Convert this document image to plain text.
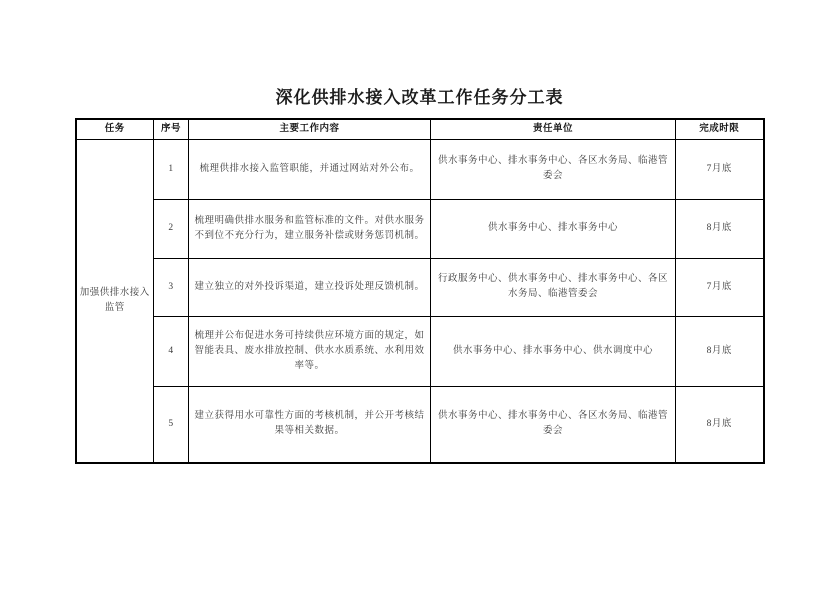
深化供排水接入改革工作任务分工表
任务	序号	主要工作内容	责任单位	完成时限
加强供排水接入监管	1	梳理供排水接入监管职能，并通过网站对外公布。	供水事务中心、排水事务中心、各区水务局、临港管委会	7月底
	2	梳理明确供排水服务和监管标准的文件。对供水服务不到位不充分行为，建立服务补偿或财务惩罚机制。	供水事务中心、排水事务中心	8月底
	3	建立独立的对外投诉渠道，建立投诉处理反馈机制。	行政服务中心、供水事务中心、排水事务中心、各区水务局、临港管委会	7月底
	4	梳理并公布促进水务可持续供应环境方面的规定，如智能表具、废水排放控制、供水水质系统、水利用效率等。	供水事务中心、排水事务中心、供水调度中心	8月底
	5	建立获得用水可靠性方面的考核机制，并公开考核结果等相关数据。	供水事务中心、排水事务中心、各区水务局、临港管委会	8月底
